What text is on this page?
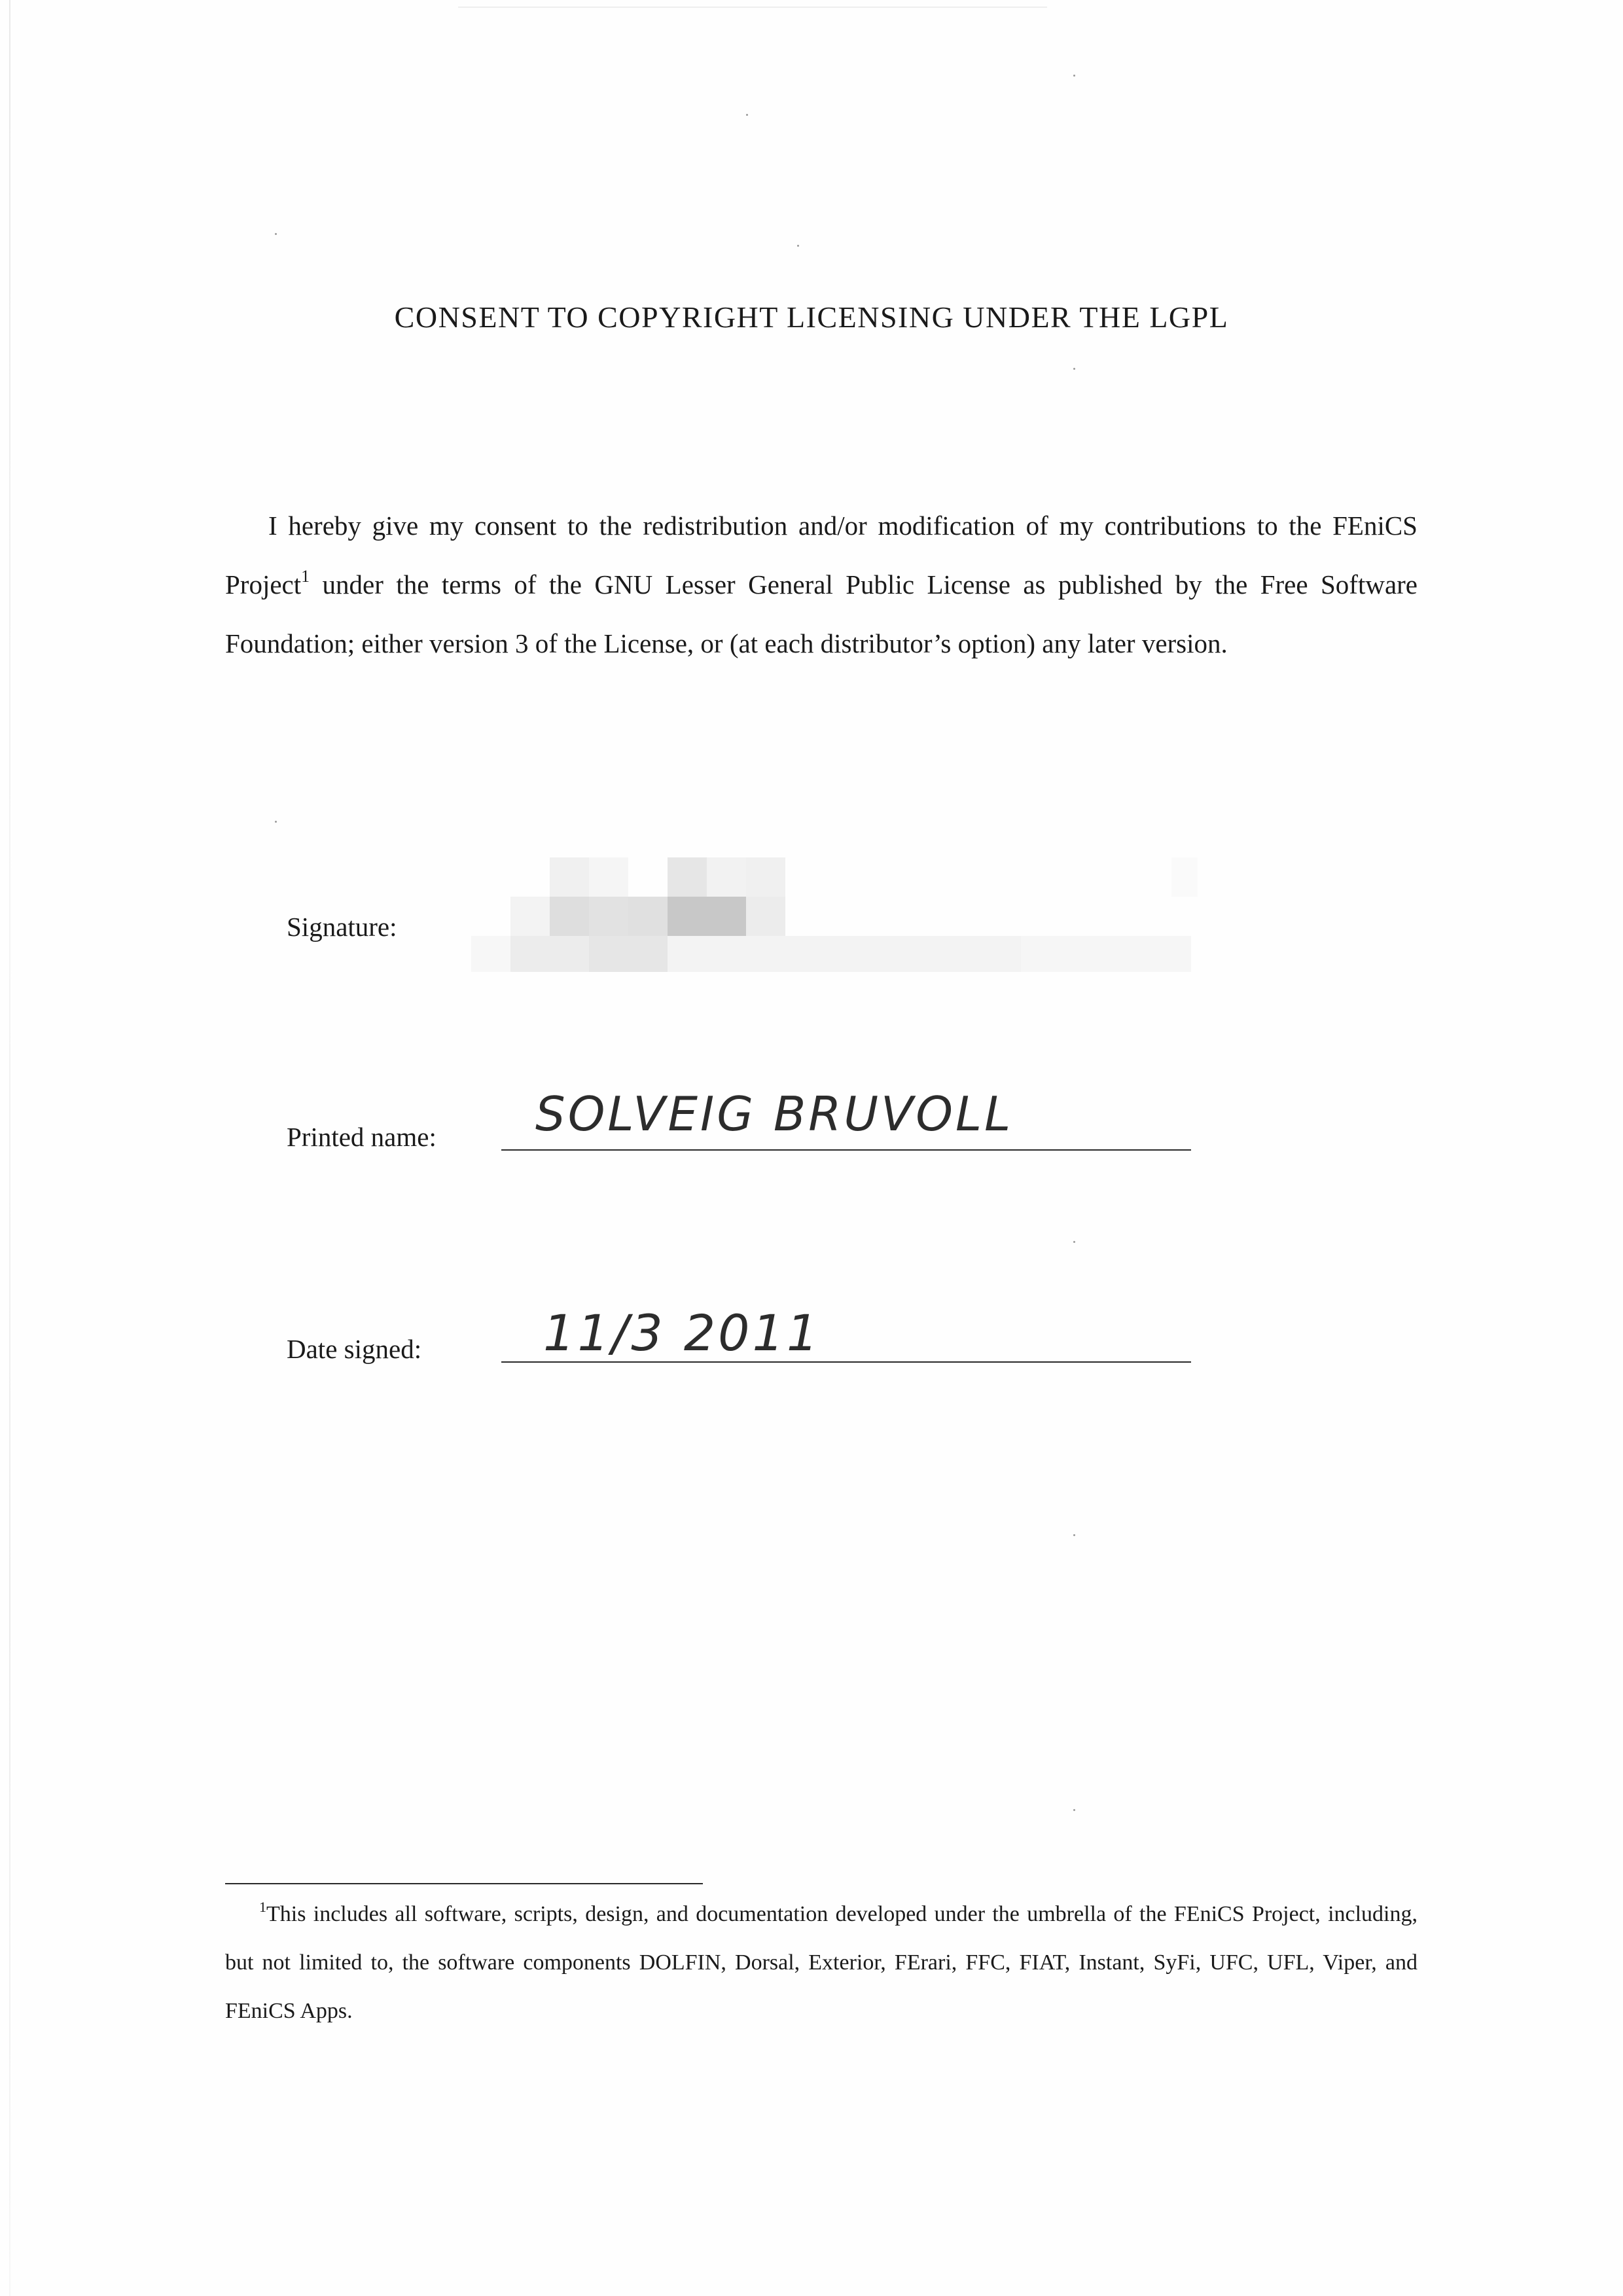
CONSENT TO COPYRIGHT LICENSING UNDER THE LGPL

I hereby give my consent to the redistribution and/or modification of my contributions to the FEniCS Project$^1$ under the terms of the GNU Lesser General Public License as published by the Free Software Foundation; either version 3 of the License, or (at each distributor’s option) any later version.

Signature:
Printed name: SOLVEIG BRUVOLL
Date signed: 11/3 2011

$^1$This includes all software, scripts, design, and documentation developed under the umbrella of the FEniCS Project, including, but not limited to, the software components DOLFIN, Dorsal, Exterior, FErari, FFC, FIAT, Instant, SyFi, UFC, UFL, Viper, and FEniCS Apps.
